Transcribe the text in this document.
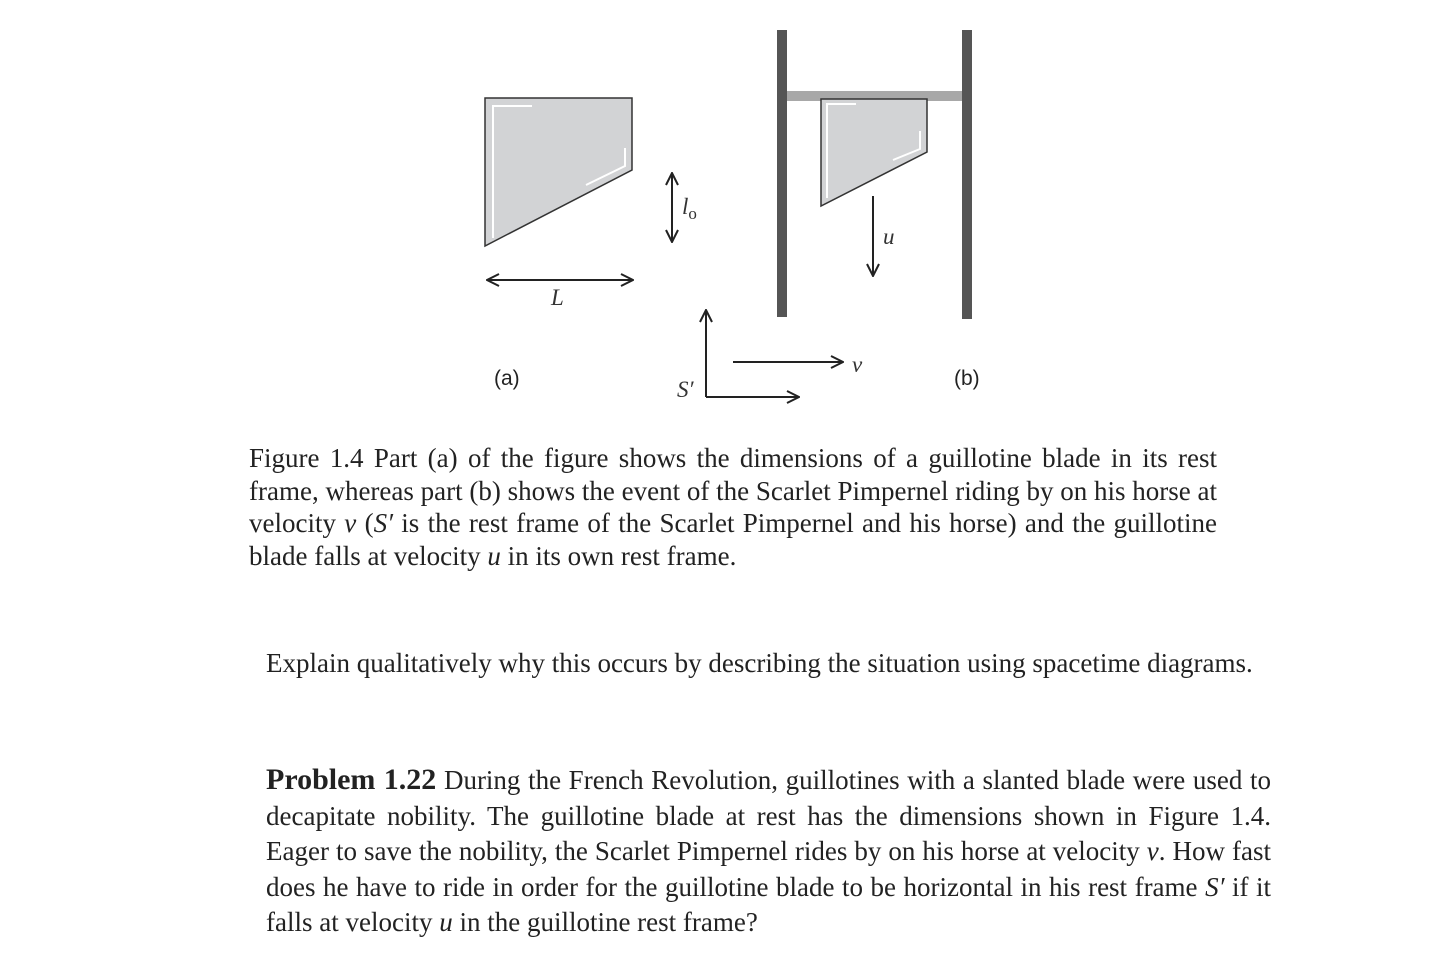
L
$l_o$
(a)	S′
v
u
(b)
Figure 1.4 Part (a) of the figure shows the dimensions of a guillotine blade in its rest frame, whereas part (b) shows the event of the Scarlet Pimpernel riding by on his horse at velocity v (S′ is the rest frame of the Scarlet Pimpernel and his horse) and the guillotine blade falls at velocity u in its own rest frame.
Explain qualitatively why this occurs by describing the situation using spacetime diagrams.
Problem 1.22 During the French Revolution, guillotines with a slanted blade were used to decapitate nobility. The guillotine blade at rest has the dimensions shown in Figure 1.4. Eager to save the nobility, the Scarlet Pimpernel rides by on his horse at velocity v. How fast does he have to ride in order for the guillotine blade to be horizontal in his rest frame S′ if it falls at velocity u in the guillotine rest frame?
